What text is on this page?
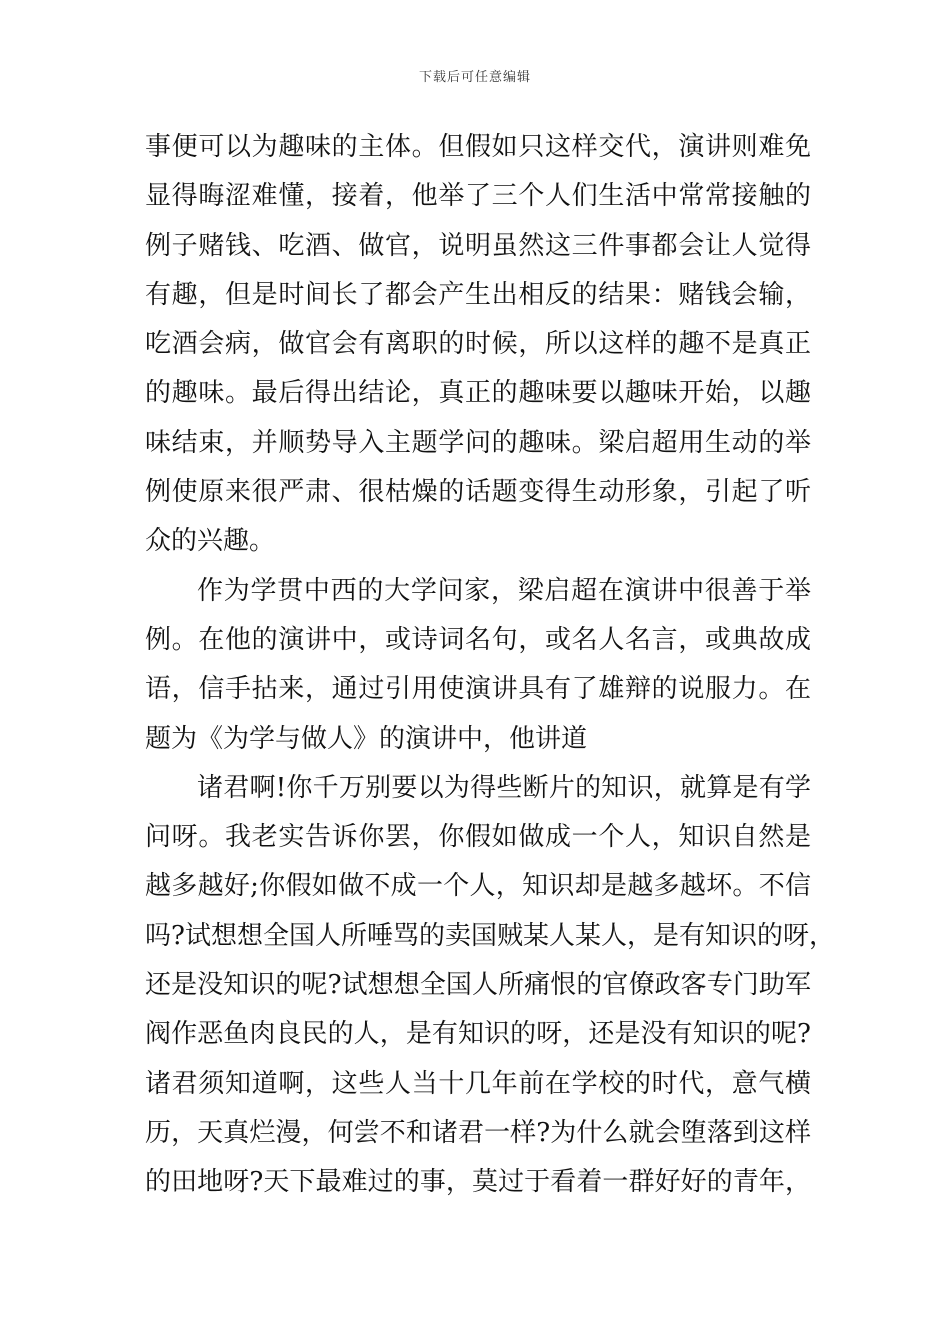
下载后可任意编辑
事便可以为趣味的主体。但假如只这样交代，演讲则难免
显得晦涩难懂，接着，他举了三个人们生活中常常接触的
例子赌钱、吃酒、做官，说明虽然这三件事都会让人觉得
有趣，但是时间长了都会产生出相反的结果：赌钱会输，
吃酒会病，做官会有离职的时候，所以这样的趣不是真正
的趣味。最后得出结论，真正的趣味要以趣味开始，以趣
味结束，并顺势导入主题学问的趣味。梁启超用生动的举
例使原来很严肃、很枯燥的话题变得生动形象，引起了听
众的兴趣。
作为学贯中西的大学问家，梁启超在演讲中很善于举
例。在他的演讲中，或诗词名句，或名人名言，或典故成
语，信手拈来，通过引用使演讲具有了雄辩的说服力。在
题为《为学与做人》的演讲中，他讲道
诸君啊!你千万别要以为得些断片的知识，就算是有学
问呀。我老实告诉你罢，你假如做成一个人，知识自然是
越多越好;你假如做不成一个人，知识却是越多越坏。不信
吗?试想想全国人所唾骂的卖国贼某人某人，是有知识的呀，
还是没知识的呢?试想想全国人所痛恨的官僚政客专门助军
阀作恶鱼肉良民的人，是有知识的呀，还是没有知识的呢?
诸君须知道啊，这些人当十几年前在学校的时代，意气横
历，天真烂漫，何尝不和诸君一样?为什么就会堕落到这样
的田地呀?天下最难过的事，莫过于看着一群好好的青年，
